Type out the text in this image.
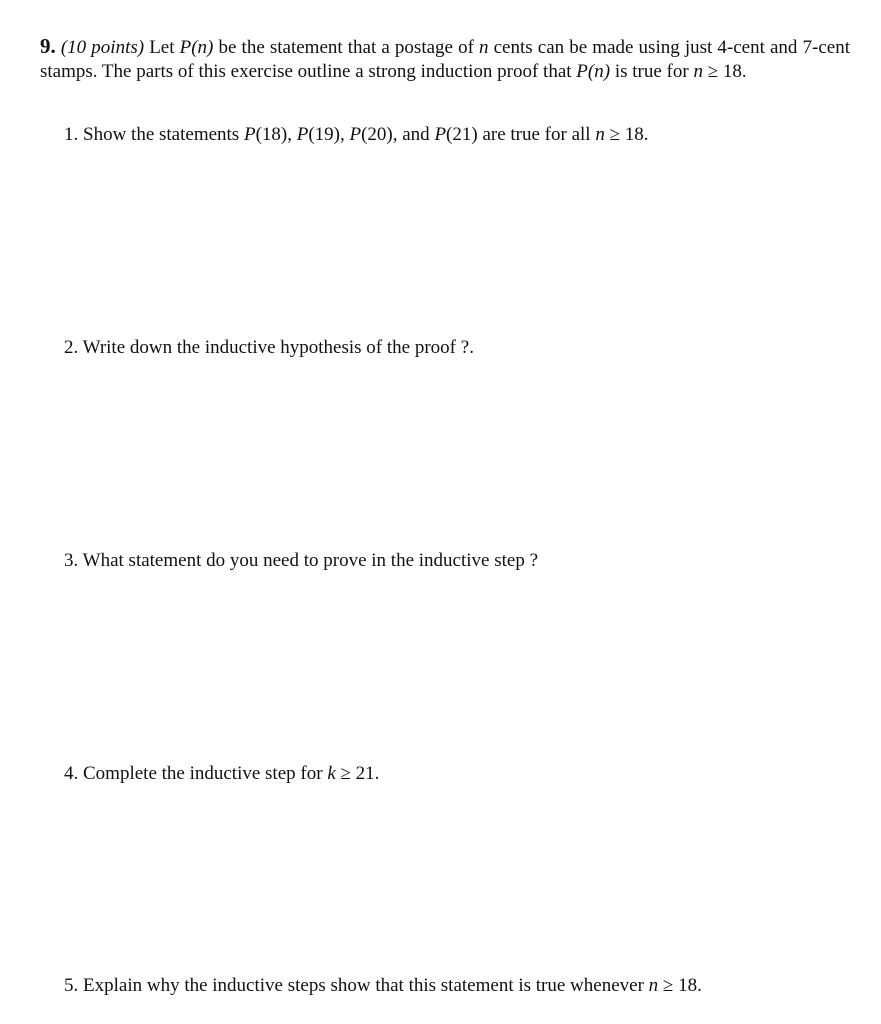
9. (10 points) Let P(n) be the statement that a postage of n cents can be made using just 4-cent and 7-cent stamps. The parts of this exercise outline a strong induction proof that P(n) is true for n ≥ 18.
1. Show the statements P(18), P(19), P(20), and P(21) are true for all n ≥ 18.
2. Write down the inductive hypothesis of the proof ?.
3. What statement do you need to prove in the inductive step ?
4. Complete the inductive step for k ≥ 21.
5. Explain why the inductive steps show that this statement is true whenever n ≥ 18.
